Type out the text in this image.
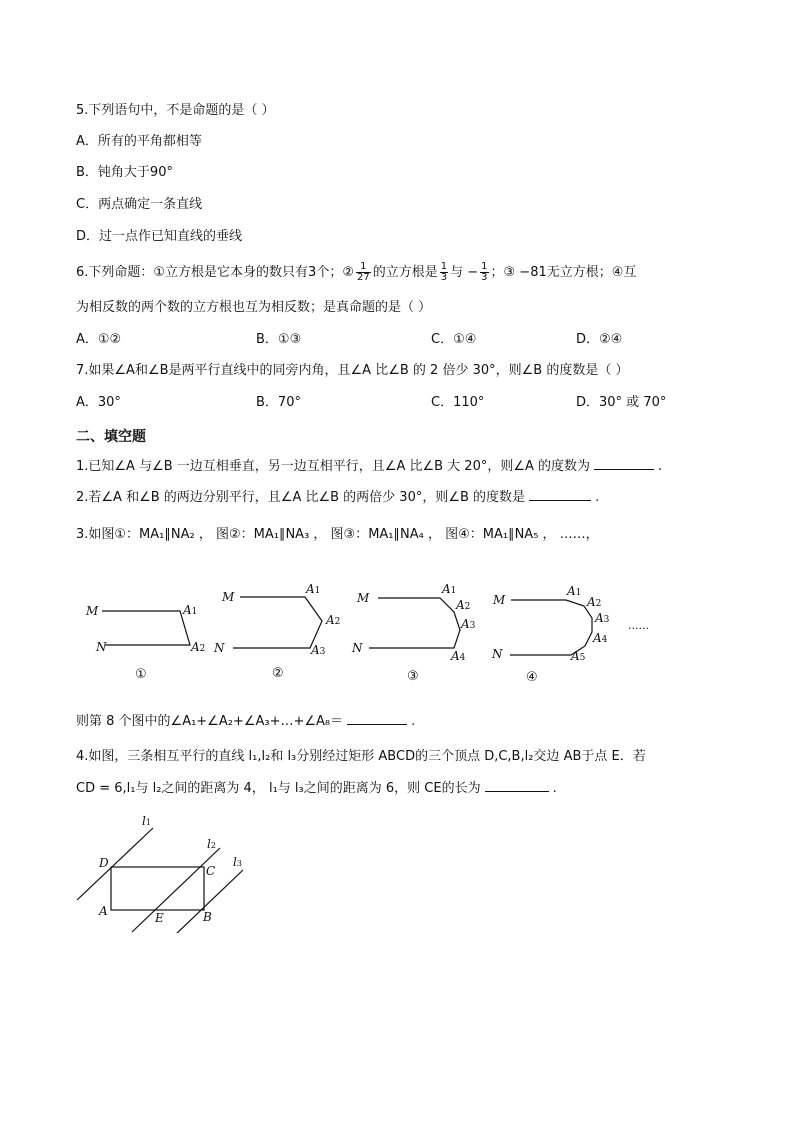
5.下列语句中，不是命题的是（ ）
A．所有的平角都相等
B．钝角大于90°
C．两点确定一条直线
D．过一点作已知直线的垂线
6.下列命题：①立方根是它本身的数只有3个；② $\frac{1}{27}$ 的立方根是 $\frac{1}{3}$ 与 − $\frac{1}{3}$ ；③ −81无立方根；④互
为相反数的两个数的立方根也互为相反数；是真命题的是（ ）
A．①②	B．①③	C．①④	D．②④
7.如果∠A和∠B是两平行直线中的同旁内角，且∠A 比∠B 的 2 倍少 30°，则∠B 的度数是（ ）
A．30°	B．70°	C．110°	D．30° 或 70°
二、填空题
1.已知∠A 与∠B 一边互相垂直，另一边互相平行，且∠A 比∠B 大 20°，则∠A 的度数为	.
2.若∠A 和∠B 的两边分别平行，且∠A 比∠B 的两倍少 30°，则∠B 的度数是	.
3.如图①：MA₁∥NA₂ ， 图②：MA₁∥NA₃ ， 图③：MA₁∥NA₄ ， 图④：MA₁∥NA₅ ， ……，
M	A1
N	A2
M
A1
A2
A3
N
M
A1
A2
A3
A4
N
M
A1
A2
A3
A4
A5
N
①	②	③	④
......
则第 8 个图中的∠A₁+∠A₂+∠A₃+…+∠A₈＝	.
4.如图，三条相互平行的直线 l₁,l₂和 l₃分别经过矩形 ABCD的三个顶点 D,C,B,l₂交边 AB于点 E．若
CD = 6,l₁与 l₂之间的距离为 4， l₁与 l₃之间的距离为 6，则 CE的长为	.
l1
l2
l3
D
C
A	E	B
